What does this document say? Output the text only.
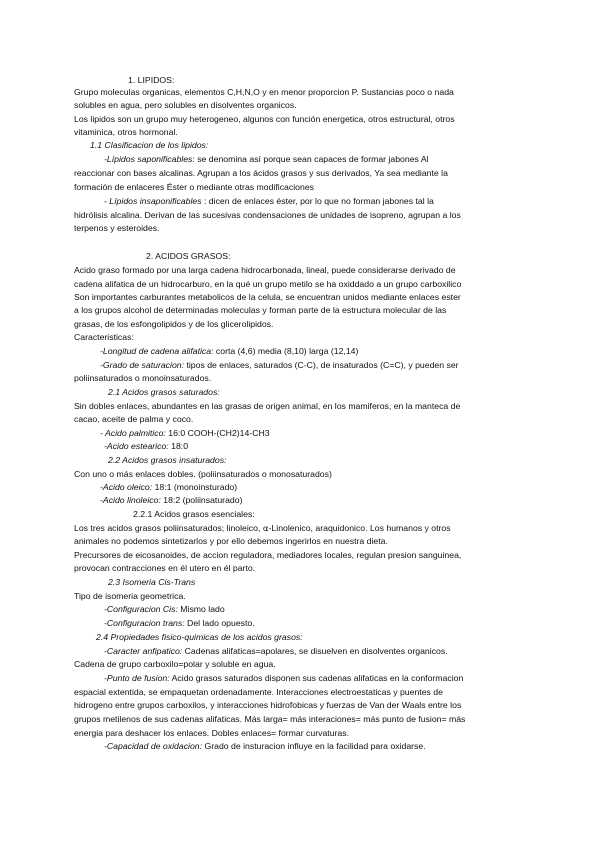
1. LIPIDOS:
Grupo moleculas organicas, elementos C,H,N,O y en menor proporcion P. Sustancias poco o nada
solubles en agua, pero solubles en disolventes organicos.
Los lipidos son un grupo muy heterogeneo, algunos con función energetica, otros estructural, otros
vitaminica, otros hormonal.
1.1 Clasificacion de los lipidos:
-Lípidos saponificables: se denomina así porque sean capaces de formar jabones Al
reaccionar con bases alcalinas. Agrupan a los ácidos grasos y sus derivados, Ya sea mediante la
formación de enlaceres Éster o mediante otras modificaciones
- Lípidos insaponificables : dicen de enlaces éster, por lo que no forman jabones tal la
hidrólisis alcalina. Derivan de las sucesivas condensaciones de unidades de isopreno, agrupan a los
terpenos y esteroides.
2. ACIDOS GRASOS:
Acido graso formado por una larga cadena hidrocarbonada, lineal, puede considerarse derivado de
cadena alifatica de un hidrocarburo, en la qué un grupo metilo se ha oxiddado a un grupo carboxilico
Son importantes carburantes metabolicos de la celula, se encuentran unidos mediante enlaces ester
a los grupos alcohol de determinadas moleculas y forman parte de la estructura molecular de las
grasas, de los esfongolipidos y de los glicerolipidos.
Caracteristicas:
-Longitud de cadena alifatica: corta (4,6) media (8,10) larga (12,14)
-Grado de saturacion: tipos de enlaces, saturados (C-C), de insaturados (C=C), y pueden ser
poliinsaturados o monoinsaturados.
2.1 Acidos grasos saturados:
Sin dobles enlaces, abundantes en las grasas de origen animal, en los mamiferos, en la manteca de
cacao, aceite de palma y coco.
- Acido palmitico: 16:0 COOH-(CH2)14-CH3
-Acido estearico: 18:0
2.2 Acidos grasos insaturados:
Con uno o más enlaces dobles. (poliinsaturados o monosaturados)
-Acido oleico: 18:1 (monoinsturado)
-Acido linoleico: 18:2 (poliinsaturado)
2.2.1 Acidos grasos esenciales:
Los tres acidos grasos poliinsaturados; linoleico, ⍺-Linolenico, araquidonico. Los humanos y otros
animales no podemos sintetizarlos y por ello debemos ingerirlos en nuestra dieta.
Precursores de eicosanoides, de accion reguladora, mediadores locales, regulan presion sanguinea,
provocan contracciones en él utero en él parto.
2.3 Isomeria Cis-Trans
Tipo de isomeria geometrica.
-Configuracion Cis: Mismo lado
-Configuracion trans: Del lado opuesto.
2.4 Propiedades fisico-quimicas de los acidos grasos:
-Caracter anfipatico: Cadenas alifaticas=apolares, se disuelven en disolventes organicos.
Cadena de grupo carboxilo=polar y soluble en agua.
-Punto de fusion: Acido grasos saturados disponen sus cadenas alifaticas en la conformacion
espacial extentida, se empaquetan ordenadamente. Interacciones electroestaticas y puentes de
hidrogeno entre grupos carboxilos, y interacciones hidrofobicas y fuerzas de Van der Waals entre los
grupos metilenos de sus cadenas alifaticas. Más larga= más interaciones= más punto de fusion= más
energia para deshacer los enlaces. Dobles enlaces= formar curvaturas.
-Capacidad de oxidacion: Grado de insturacion influye en la facilidad para oxidarse.
